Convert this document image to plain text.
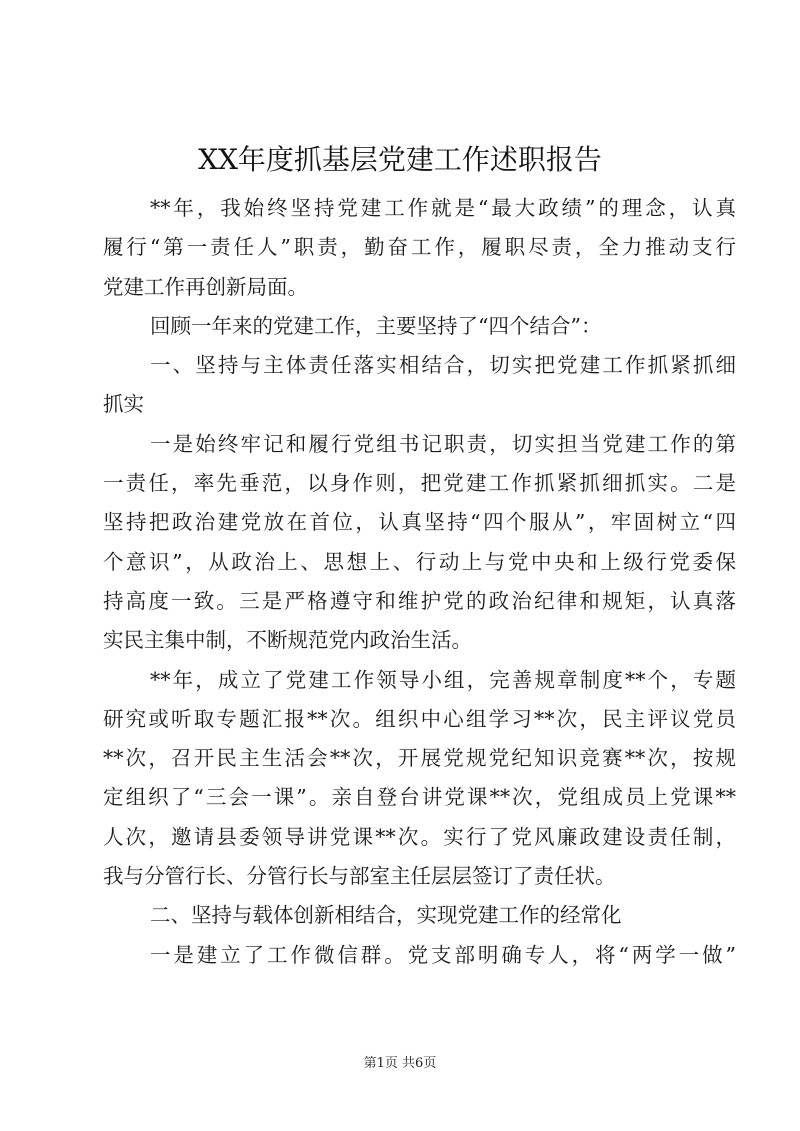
XX年度抓基层党建工作述职报告
**年，我始终坚持党建工作就是“最大政绩”的理念，认真
履行“第一责任人”职责，勤奋工作，履职尽责，全力推动支行
党建工作再创新局面。
回顾一年来的党建工作，主要坚持了“四个结合”：
一、坚持与主体责任落实相结合，切实把党建工作抓紧抓细
抓实
一是始终牢记和履行党组书记职责，切实担当党建工作的第
一责任，率先垂范，以身作则，把党建工作抓紧抓细抓实。二是
坚持把政治建党放在首位，认真坚持“四个服从”，牢固树立“四
个意识”，从政治上、思想上、行动上与党中央和上级行党委保
持高度一致。三是严格遵守和维护党的政治纪律和规矩，认真落
实民主集中制，不断规范党内政治生活。
**年，成立了党建工作领导小组，完善规章制度**个，专题
研究或听取专题汇报**次。组织中心组学习**次，民主评议党员
**次，召开民主生活会**次，开展党规党纪知识竞赛**次，按规
定组织了“三会一课”。亲自登台讲党课**次，党组成员上党课**
人次，邀请县委领导讲党课**次。实行了党风廉政建设责任制，
我与分管行长、分管行长与部室主任层层签订了责任状。
二、坚持与载体创新相结合，实现党建工作的经常化
一是建立了工作微信群。党支部明确专人，将“两学一做”
第1页 共6页
